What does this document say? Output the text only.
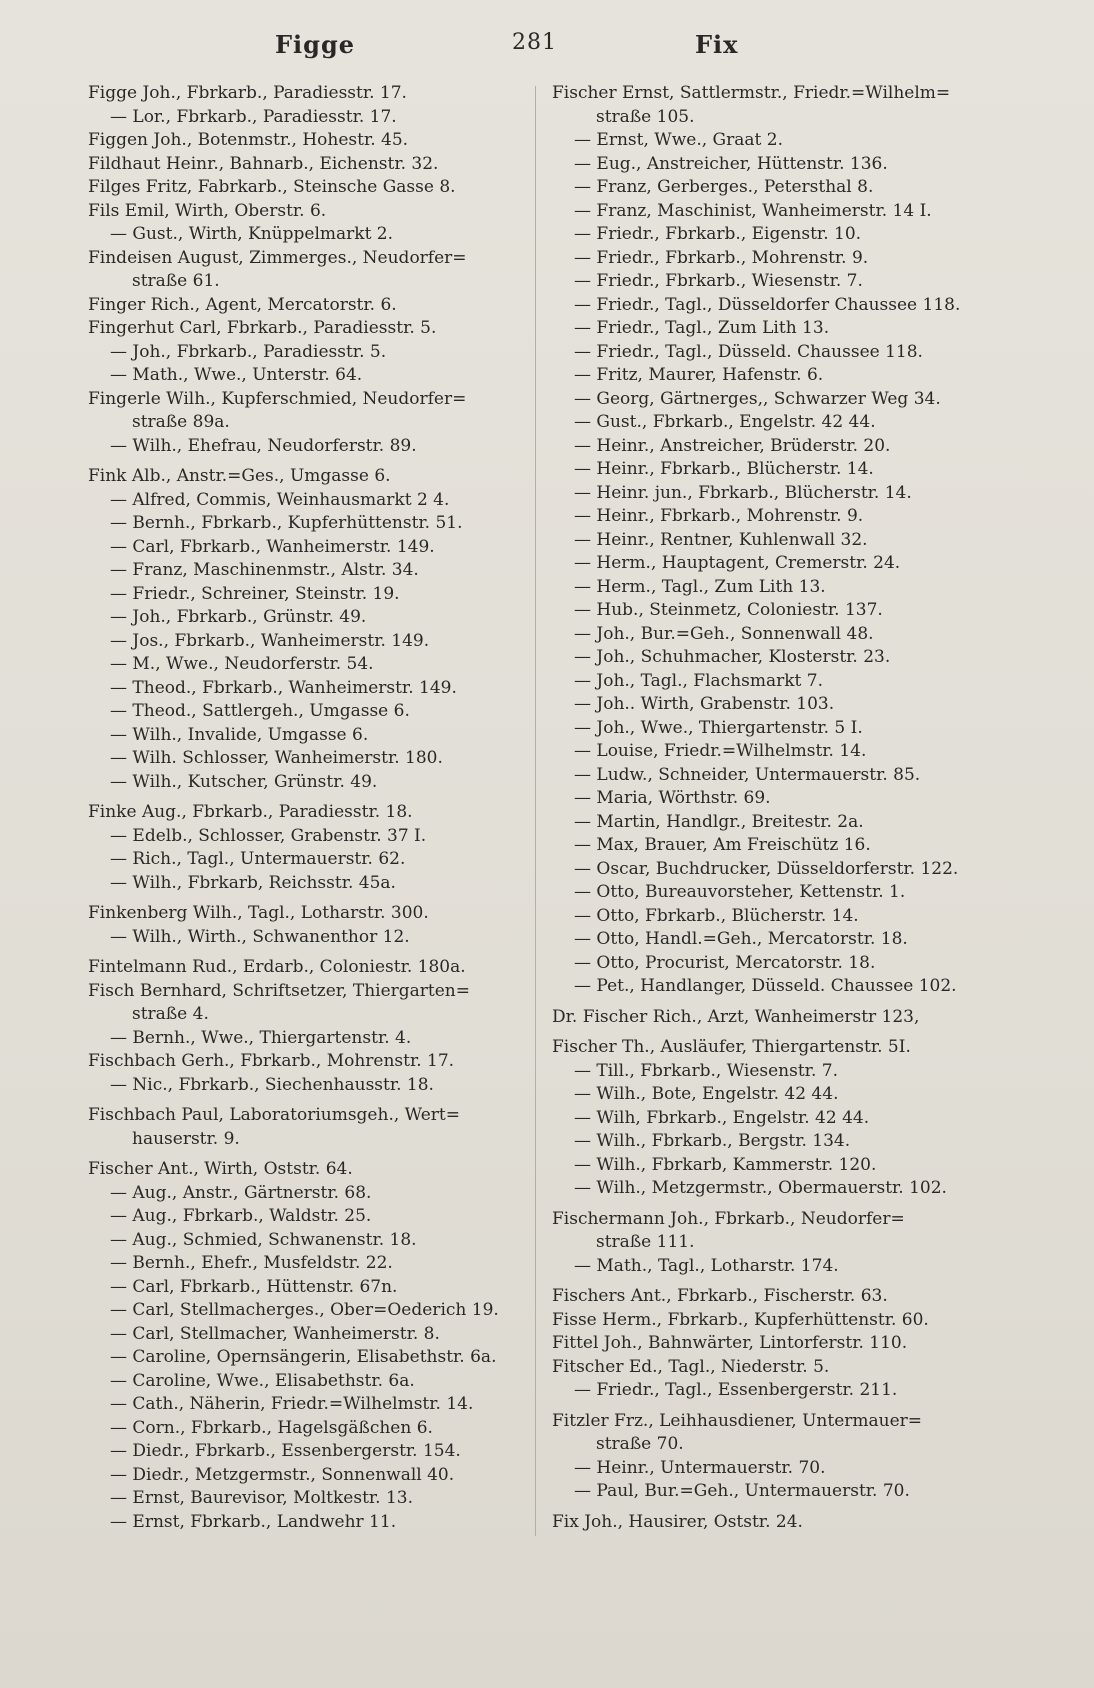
Figge	281	Fix
Figge Joh., Fbrkarb., Paradiesstr. 17.
— Lor., Fbrkarb., Paradiesstr. 17.
Figgen Joh., Botenmstr., Hohestr. 45.
Fildhaut Heinr., Bahnarb., Eichenstr. 32.
Filges Fritz, Fabrkarb., Steinsche Gasse 8.
Fils Emil, Wirth, Oberstr. 6.
— Gust., Wirth, Knüppelmarkt 2.
Findeisen August, Zimmerges., Neudorfer=
straße 61.
Finger Rich., Agent, Mercatorstr. 6.
Fingerhut Carl, Fbrkarb., Paradiesstr. 5.
— Joh., Fbrkarb., Paradiesstr. 5.
— Math., Wwe., Unterstr. 64.
Fingerle Wilh., Kupferschmied, Neudorfer=
straße 89a.
— Wilh., Ehefrau, Neudorferstr. 89.
Fink Alb., Anstr.=Ges., Umgasse 6.
— Alfred, Commis, Weinhausmarkt 2 4.
— Bernh., Fbrkarb., Kupferhüttenstr. 51.
— Carl, Fbrkarb., Wanheimerstr. 149.
— Franz, Maschinenmstr., Alstr. 34.
— Friedr., Schreiner, Steinstr. 19.
— Joh., Fbrkarb., Grünstr. 49.
— Jos., Fbrkarb., Wanheimerstr. 149.
— M., Wwe., Neudorferstr. 54.
— Theod., Fbrkarb., Wanheimerstr. 149.
— Theod., Sattlergeh., Umgasse 6.
— Wilh., Invalide, Umgasse 6.
— Wilh. Schlosser, Wanheimerstr. 180.
— Wilh., Kutscher, Grünstr. 49.
Finke Aug., Fbrkarb., Paradiesstr. 18.
— Edelb., Schlosser, Grabenstr. 37 I.
— Rich., Tagl., Untermauerstr. 62.
— Wilh., Fbrkarb, Reichsstr. 45a.
Finkenberg Wilh., Tagl., Lotharstr. 300.
— Wilh., Wirth., Schwanenthor 12.
Fintelmann Rud., Erdarb., Coloniestr. 180a.
Fisch Bernhard, Schriftsetzer, Thiergarten=
straße 4.
— Bernh., Wwe., Thiergartenstr. 4.
Fischbach Gerh., Fbrkarb., Mohrenstr. 17.
— Nic., Fbrkarb., Siechenhausstr. 18.
Fischbach Paul, Laboratoriumsgeh., Wert=
hauserstr. 9.
Fischer Ant., Wirth, Oststr. 64.
— Aug., Anstr., Gärtnerstr. 68.
— Aug., Fbrkarb., Waldstr. 25.
— Aug., Schmied, Schwanenstr. 18.
— Bernh., Ehefr., Musfeldstr. 22.
— Carl, Fbrkarb., Hüttenstr. 67n.
— Carl, Stellmacherges., Ober=Oederich 19.
— Carl, Stellmacher, Wanheimerstr. 8.
— Caroline, Opernsängerin, Elisabethstr. 6a.
— Caroline, Wwe., Elisabethstr. 6a.
— Cath., Näherin, Friedr.=Wilhelmstr. 14.
— Corn., Fbrkarb., Hagelsgäßchen 6.
— Diedr., Fbrkarb., Essenbergerstr. 154.
— Diedr., Metzgermstr., Sonnenwall 40.
— Ernst, Baurevisor, Moltkestr. 13.
— Ernst, Fbrkarb., Landwehr 11.
Fischer Ernst, Sattlermstr., Friedr.=Wilhelm=
straße 105.
— Ernst, Wwe., Graat 2.
— Eug., Anstreicher, Hüttenstr. 136.
— Franz, Gerberges., Petersthal 8.
— Franz, Maschinist, Wanheimerstr. 14 I.
— Friedr., Fbrkarb., Eigenstr. 10.
— Friedr., Fbrkarb., Mohrenstr. 9.
— Friedr., Fbrkarb., Wiesenstr. 7.
— Friedr., Tagl., Düsseldorfer Chaussee 118.
— Friedr., Tagl., Zum Lith 13.
— Friedr., Tagl., Düsseld. Chaussee 118.
— Fritz, Maurer, Hafenstr. 6.
— Georg, Gärtnerges,, Schwarzer Weg 34.
— Gust., Fbrkarb., Engelstr. 42 44.
— Heinr., Anstreicher, Brüderstr. 20.
— Heinr., Fbrkarb., Blücherstr. 14.
— Heinr. jun., Fbrkarb., Blücherstr. 14.
— Heinr., Fbrkarb., Mohrenstr. 9.
— Heinr., Rentner, Kuhlenwall 32.
— Herm., Hauptagent, Cremerstr. 24.
— Herm., Tagl., Zum Lith 13.
— Hub., Steinmetz, Coloniestr. 137.
— Joh., Bur.=Geh., Sonnenwall 48.
— Joh., Schuhmacher, Klosterstr. 23.
— Joh., Tagl., Flachsmarkt 7.
— Joh.. Wirth, Grabenstr. 103.
— Joh., Wwe., Thiergartenstr. 5 I.
— Louise, Friedr.=Wilhelmstr. 14.
— Ludw., Schneider, Untermauerstr. 85.
— Maria, Wörthstr. 69.
— Martin, Handlgr., Breitestr. 2a.
— Max, Brauer, Am Freischütz 16.
— Oscar, Buchdrucker, Düsseldorferstr. 122.
— Otto, Bureauvorsteher, Kettenstr. 1.
— Otto, Fbrkarb., Blücherstr. 14.
— Otto, Handl.=Geh., Mercatorstr. 18.
— Otto, Procurist, Mercatorstr. 18.
— Pet., Handlanger, Düsseld. Chaussee 102.
Dr. Fischer Rich., Arzt, Wanheimerstr 123,
Fischer Th., Ausläufer, Thiergartenstr. 5I.
— Till., Fbrkarb., Wiesenstr. 7.
— Wilh., Bote, Engelstr. 42 44.
— Wilh, Fbrkarb., Engelstr. 42 44.
— Wilh., Fbrkarb., Bergstr. 134.
— Wilh., Fbrkarb, Kammerstr. 120.
— Wilh., Metzgermstr., Obermauerstr. 102.
Fischermann Joh., Fbrkarb., Neudorfer=
straße 111.
— Math., Tagl., Lotharstr. 174.
Fischers Ant., Fbrkarb., Fischerstr. 63.
Fisse Herm., Fbrkarb., Kupferhüttenstr. 60.
Fittel Joh., Bahnwärter, Lintorferstr. 110.
Fitscher Ed., Tagl., Niederstr. 5.
— Friedr., Tagl., Essenbergerstr. 211.
Fitzler Frz., Leihhausdiener, Untermauer=
straße 70.
— Heinr., Untermauerstr. 70.
— Paul, Bur.=Geh., Untermauerstr. 70.
Fix Joh., Hausirer, Oststr. 24.
